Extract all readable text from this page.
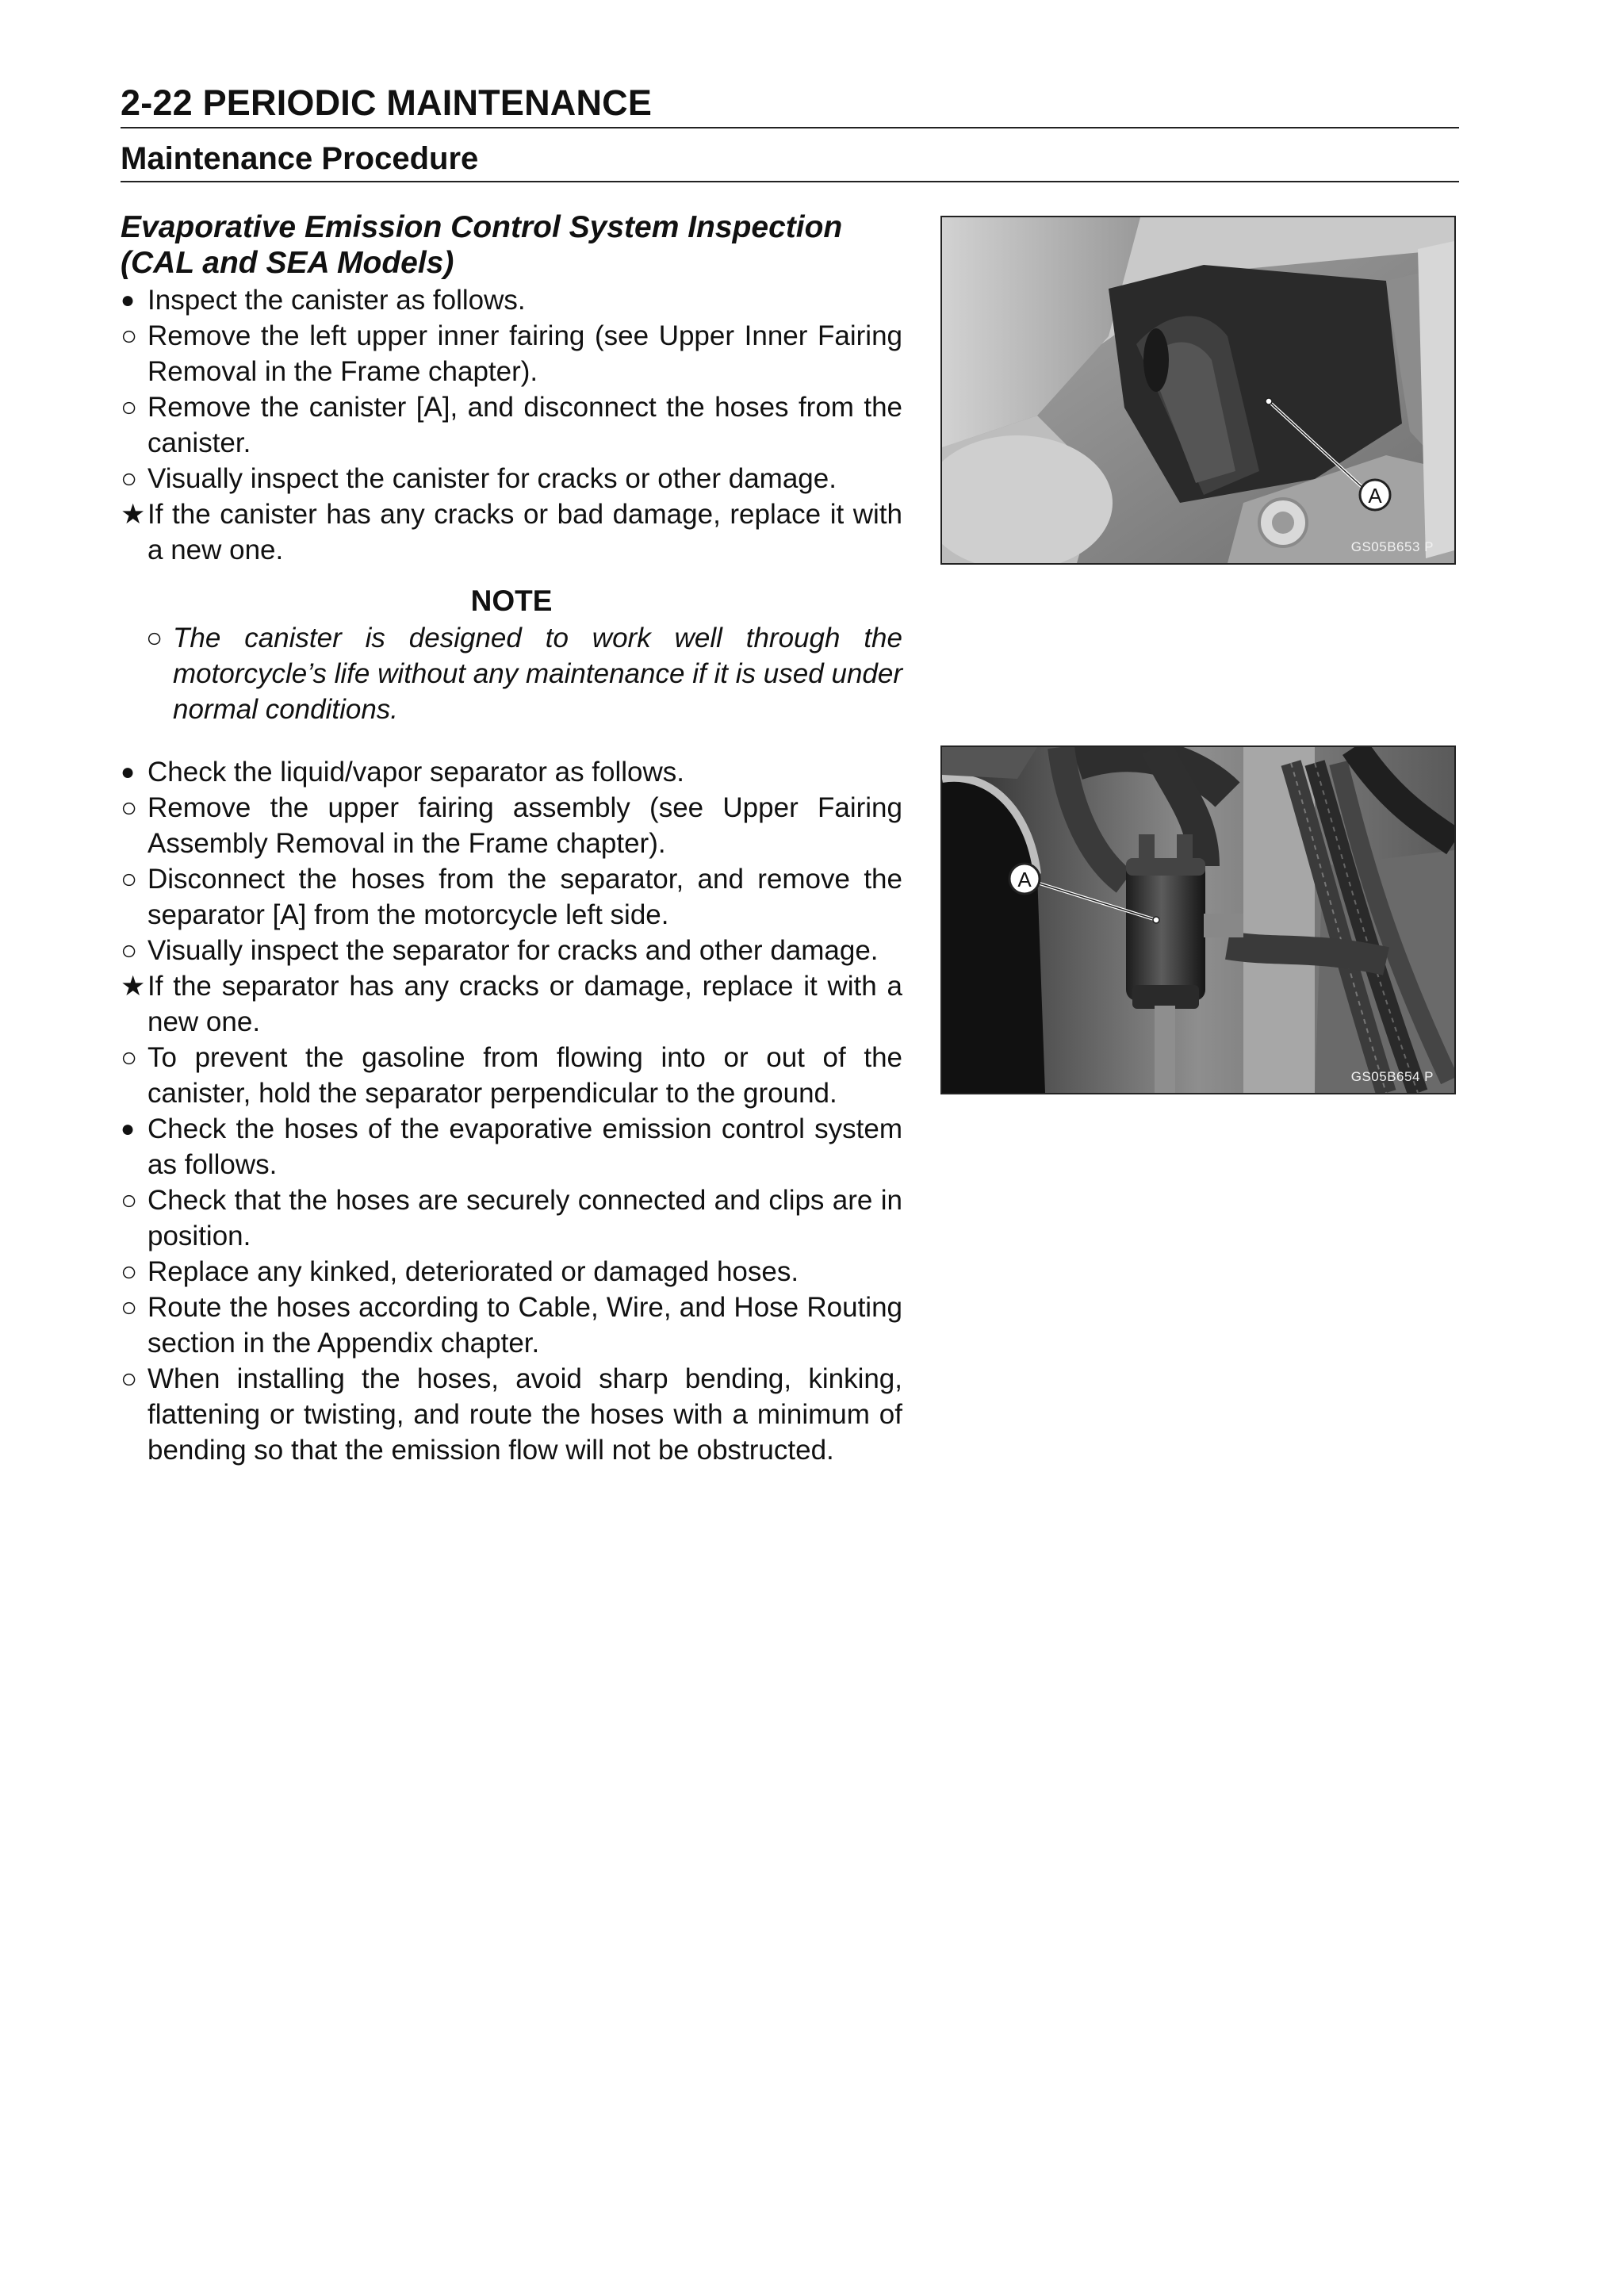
2-22 PERIODIC MAINTENANCE
Maintenance Procedure
Evaporative Emission Control System Inspection (CAL and SEA Models)
● Inspect the canister as follows.
○ Remove the left upper inner fairing (see Upper Inner Fairing Removal in the Frame chapter).
○ Remove the canister [A], and disconnect the hoses from the canister.
○ Visually inspect the canister for cracks or other damage.
★ If the canister has any cracks or bad damage, replace it with a new one.
NOTE
○ The canister is designed to work well through the motorcycle’s life without any maintenance if it is used under normal conditions.
● Check the liquid/vapor separator as follows.
○ Remove the upper fairing assembly (see Upper Fairing Assembly Removal in the Frame chapter).
○ Disconnect the hoses from the separator, and remove the separator [A] from the motorcycle left side.
○ Visually inspect the separator for cracks and other damage.
★ If the separator has any cracks or damage, replace it with a new one.
○ To prevent the gasoline from flowing into or out of the canister, hold the separator perpendicular to the ground.
● Check the hoses of the evaporative emission control system as follows.
○ Check that the hoses are securely connected and clips are in position.
○ Replace any kinked, deteriorated or damaged hoses.
○ Route the hoses according to Cable, Wire, and Hose Routing section in the Appendix chapter.
○ When installing the hoses, avoid sharp bending, kinking, flattening or twisting, and route the hoses with a minimum of bending so that the emission flow will not be obstructed.
A
GS05B653 P
A
GS05B654 P
